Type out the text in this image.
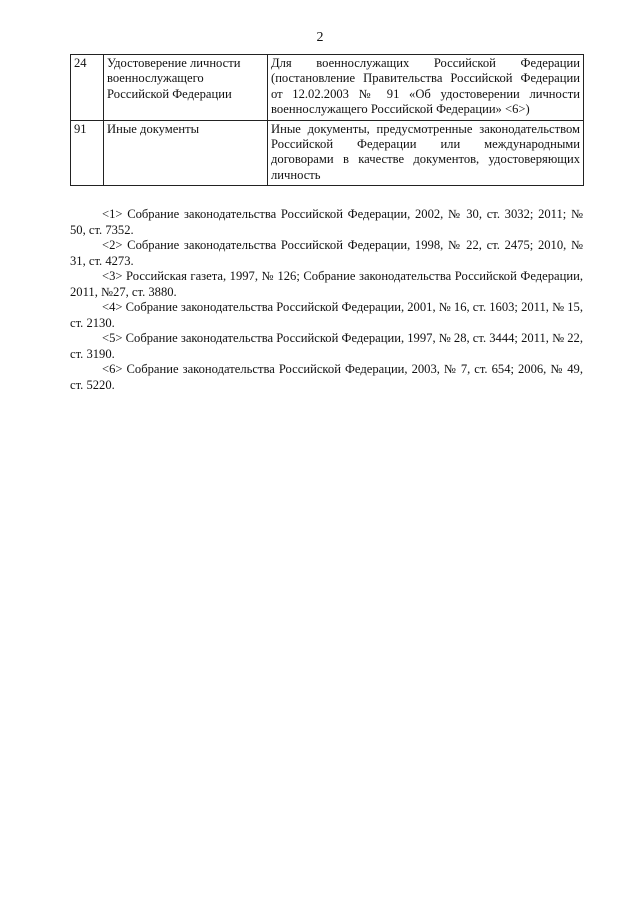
2
24	Удостоверение личности военнослужащего Российской Федерации	Для военнослужащих Российской Федерации (постановление Правительства Российской Федерации от 12.02.2003 № 91 «Об удостоверении личности военнослужащего Российской Федерации» <6>)
91	Иные документы	Иные документы, предусмотренные законодательством Российской Федерации или международными договорами в качестве документов, удостоверяющих личность

<1> Собрание законодательства Российской Федерации, 2002, № 30, ст. 3032; 2011; № 50, ст. 7352.

<2> Собрание законодательства Российской Федерации, 1998, № 22, ст. 2475; 2010, № 31, ст. 4273.

<3> Российская газета, 1997, № 126; Собрание законодательства Российской Федерации, 2011, №27, ст. 3880.

<4> Собрание законодательства Российской Федерации, 2001, № 16, ст. 1603; 2011, № 15, ст. 2130.

<5> Собрание законодательства Российской Федерации, 1997, № 28, ст. 3444; 2011, № 22, ст. 3190.

<6> Собрание законодательства Российской Федерации, 2003, № 7, ст. 654; 2006, № 49, ст. 5220.
